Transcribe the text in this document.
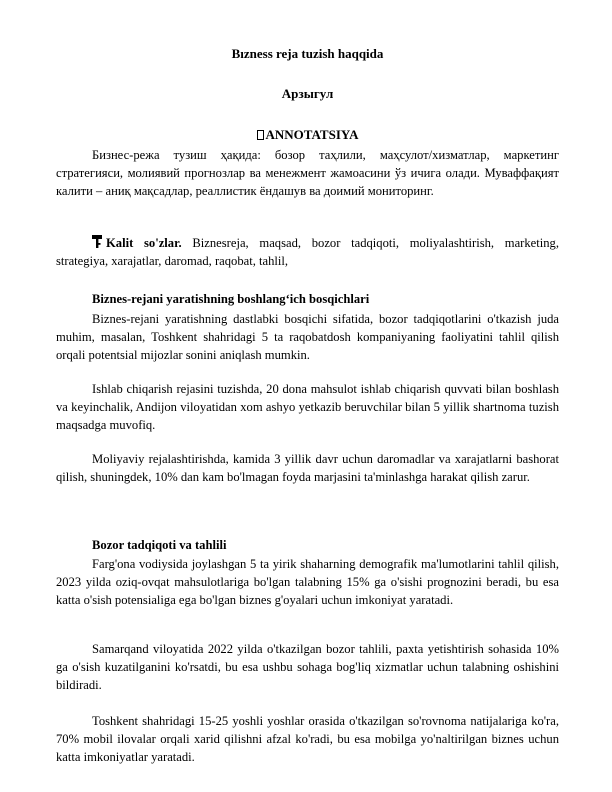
Bızness reja tuzish haqqida
Арзыгул
ANNOTATSIYA

Бизнес-режа тузиш ҳақида: бозор таҳлили, маҳсулот/хизматлар, маркетинг стратегияси, молиявий прогнозлар ва менежмент жамоасини ўз ичига олади. Муваффақият калити – аниқ мақсадлар, реаллистик ёндашув ва доимий мониторинг.

Kalit so'zlar. Biznesreja, maqsad, bozor tadqiqoti, moliyalashtirish, marketing, strategiya, xarajatlar, daromad, raqobat, tahlil,

Biznes-rejani yaratishning boshlang‘ich bosqichlari

Biznes-rejani yaratishning dastlabki bosqichi sifatida, bozor tadqiqotlarini o'tkazish juda muhim, masalan, Toshkent shahridagi 5 ta raqobatdosh kompaniyaning faoliyatini tahlil qilish orqali potentsial mijozlar sonini aniqlash mumkin.

Ishlab chiqarish rejasini tuzishda, 20 dona mahsulot ishlab chiqarish quvvati bilan boshlash va keyinchalik, Andijon viloyatidan xom ashyo yetkazib beruvchilar bilan 5 yillik shartnoma tuzish maqsadga muvofiq.

Moliyaviy rejalashtirishda, kamida 3 yillik davr uchun daromadlar va xarajatlarni bashorat qilish, shuningdek, 10% dan kam bo'lmagan foyda marjasini ta'minlashga harakat qilish zarur.

Bozor tadqiqoti va tahlili

Farg'ona vodiysida joylashgan 5 ta yirik shaharning demografik ma'lumotlarini tahlil qilish, 2023 yilda oziq-ovqat mahsulotlariga bo'lgan talabning 15% ga o'sishi prognozini beradi, bu esa katta o'sish potensialiga ega bo'lgan biznes g'oyalari uchun imkoniyat yaratadi.

Samarqand viloyatida 2022 yilda o'tkazilgan bozor tahlili, paxta yetishtirish sohasida 10% ga o'sish kuzatilganini ko'rsatdi, bu esa ushbu sohaga bog'liq xizmatlar uchun talabning oshishini bildiradi.

Toshkent shahridagi 15-25 yoshli yoshlar orasida o'tkazilgan so'rovnoma natijalariga ko'ra, 70% mobil ilovalar orqali xarid qilishni afzal ko'radi, bu esa mobilga yo'naltirilgan biznes uchun katta imkoniyatlar yaratadi.
